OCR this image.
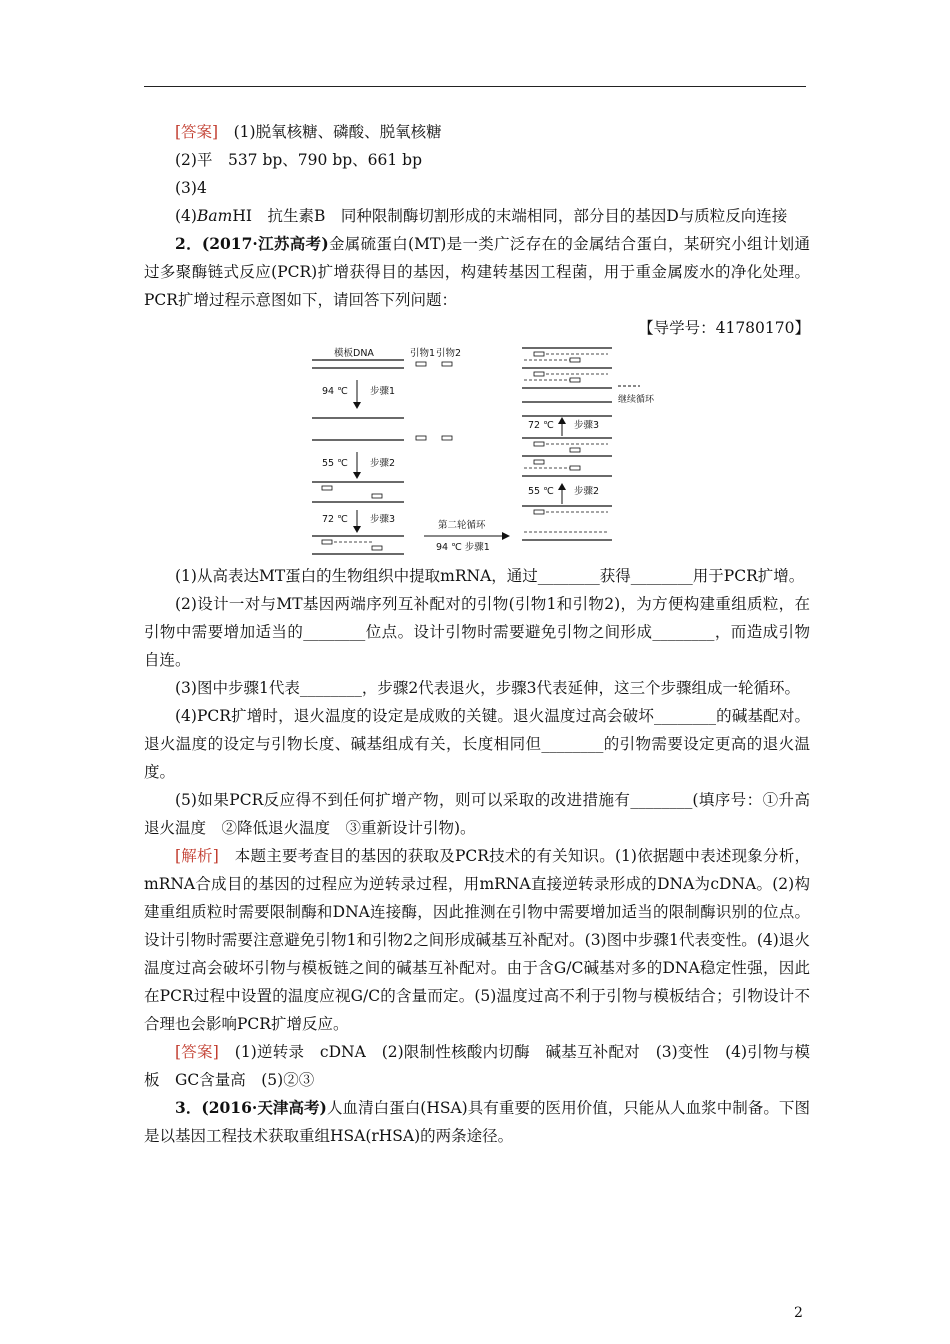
[答案]　(1)脱氧核糖、磷酸、脱氧核糖

(2)平　537 bp、790 bp、661 bp

(3)4

(4)BamHⅠ　抗生素B　同种限制酶切割形成的末端相同，部分目的基因D与质粒反向连接

2．(2017·江苏高考)金属硫蛋白(MT)是一类广泛存在的金属结合蛋白，某研究小组计划通过多聚酶链式反应(PCR)扩增获得目的基因，构建转基因工程菌，用于重金属废水的净化处理。PCR扩增过程示意图如下，请回答下列问题：

【导学号：41780170】

模板DNA
94 ℃ 步骤1
55 ℃ 步骤2
72 ℃ 步骤3
引物1 引物2
第二轮循环
94 ℃ 步骤1
72 ℃ 步骤3
55 ℃ 步骤2
继续循环

(1)从高表达MT蛋白的生物组织中提取mRNA，通过________获得________用于PCR扩增。

(2)设计一对与MT基因两端序列互补配对的引物(引物1和引物2)，为方便构建重组质粒，在引物中需要增加适当的________位点。设计引物时需要避免引物之间形成________，而造成引物自连。

(3)图中步骤1代表________，步骤2代表退火，步骤3代表延伸，这三个步骤组成一轮循环。

(4)PCR扩增时，退火温度的设定是成败的关键。退火温度过高会破坏________的碱基配对。退火温度的设定与引物长度、碱基组成有关，长度相同但________的引物需要设定更高的退火温度。

(5)如果PCR反应得不到任何扩增产物，则可以采取的改进措施有________(填序号：①升高退火温度　②降低退火温度　③重新设计引物)。

[解析]　本题主要考查目的基因的获取及PCR技术的有关知识。(1)依据题中表述现象分析，mRNA合成目的基因的过程应为逆转录过程，用mRNA直接逆转录形成的DNA为cDNA。(2)构建重组质粒时需要限制酶和DNA连接酶，因此推测在引物中需要增加适当的限制酶识别的位点。设计引物时需要注意避免引物1和引物2之间形成碱基互补配对。(3)图中步骤1代表变性。(4)退火温度过高会破坏引物与模板链之间的碱基互补配对。由于含G/C碱基对多的DNA稳定性强，因此在PCR过程中设置的温度应视G/C的含量而定。(5)温度过高不利于引物与模板结合；引物设计不合理也会影响PCR扩增反应。

[答案]　(1)逆转录　cDNA　(2)限制性核酸内切酶　碱基互补配对　(3)变性　(4)引物与模板　GC含量高　(5)②③

3．(2016·天津高考)人血清白蛋白(HSA)具有重要的医用价值，只能从人血浆中制备。下图是以基因工程技术获取重组HSA(rHSA)的两条途径。

2
